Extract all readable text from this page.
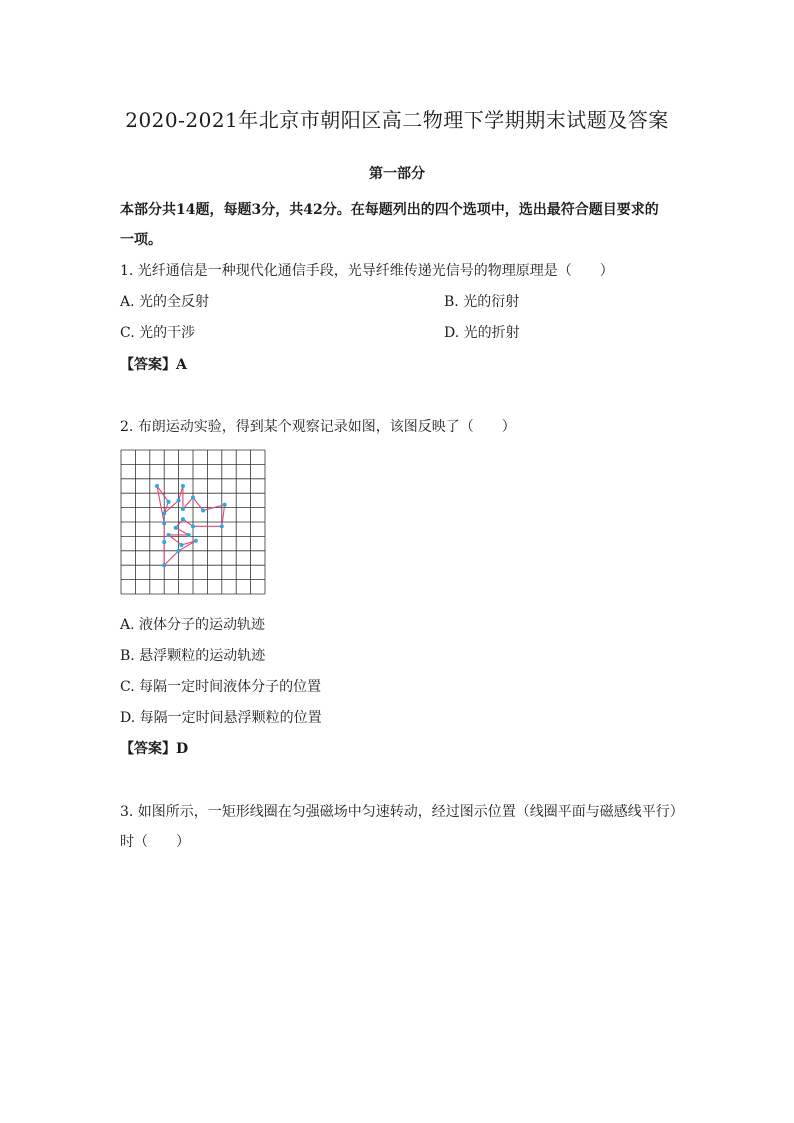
2020-2021年北京市朝阳区高二物理下学期期末试题及答案
第一部分
本部分共14题，每题3分，共42分。在每题列出的四个选项中，选出最符合题目要求的
一项。
1. 光纤通信是一种现代化通信手段，光导纤维传递光信号的物理原理是（　　）
A. 光的全反射	B. 光的衍射
C. 光的干涉	D. 光的折射
【答案】A
2. 布朗运动实验，得到某个观察记录如图，该图反映了（　　）
A. 液体分子的运动轨迹
B. 悬浮颗粒的运动轨迹
C. 每隔一定时间液体分子的位置
D. 每隔一定时间悬浮颗粒的位置
【答案】D
3. 如图所示，一矩形线圈在匀强磁场中匀速转动，经过图示位置（线圈平面与磁感线平行）
时（　　）
